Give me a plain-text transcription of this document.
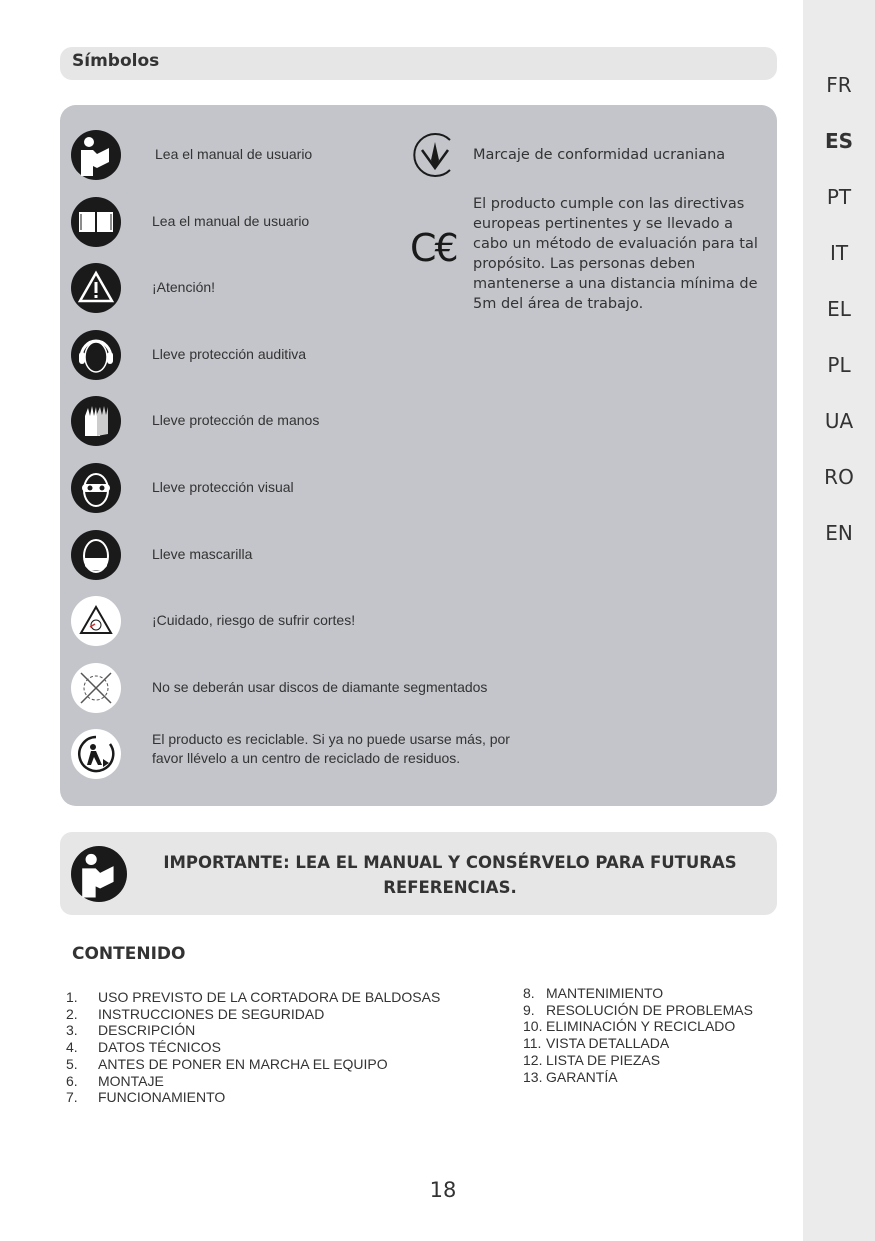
Símbolos
IMPORTANTE: LEA EL MANUAL Y CONSÉRVELO PARA FUTURAS REFERENCIAS.
CONTENIDO
18
FR
ES
PT
IT
EL
PL
UA
RO
EN
Lea el manual de usuario
Lea el manual de usuario
¡Atención!
Lleve protección auditiva
Lleve protección de manos
Lleve protección visual
Lleve mascarilla
¡Cuidado, riesgo de sufrir cortes!
No se deberán usar discos de diamante segmentados
El producto es reciclable. Si ya no puede usarse más, por favor llévelo a un centro de reciclado de residuos.
Marcaje de conformidad ucraniana
C€
El producto cumple con las directivas europeas pertinentes y se llevado a cabo un método de evaluación para tal propósito. Las personas deben mantenerse a una distancia mínima de 5m del área de trabajo.
1. USO PREVISTO DE LA CORTADORA DE BALDOSAS
2. INSTRUCCIONES DE SEGURIDAD
3. DESCRIPCIÓN
4. DATOS TÉCNICOS
5. ANTES DE PONER EN MARCHA EL EQUIPO
6. MONTAJE
7. FUNCIONAMIENTO
8. MANTENIMIENTO
9. RESOLUCIÓN DE PROBLEMAS
10. ELIMINACIÓN Y RECICLADO
11. VISTA DETALLADA
12. LISTA DE PIEZAS
13. GARANTÍA
